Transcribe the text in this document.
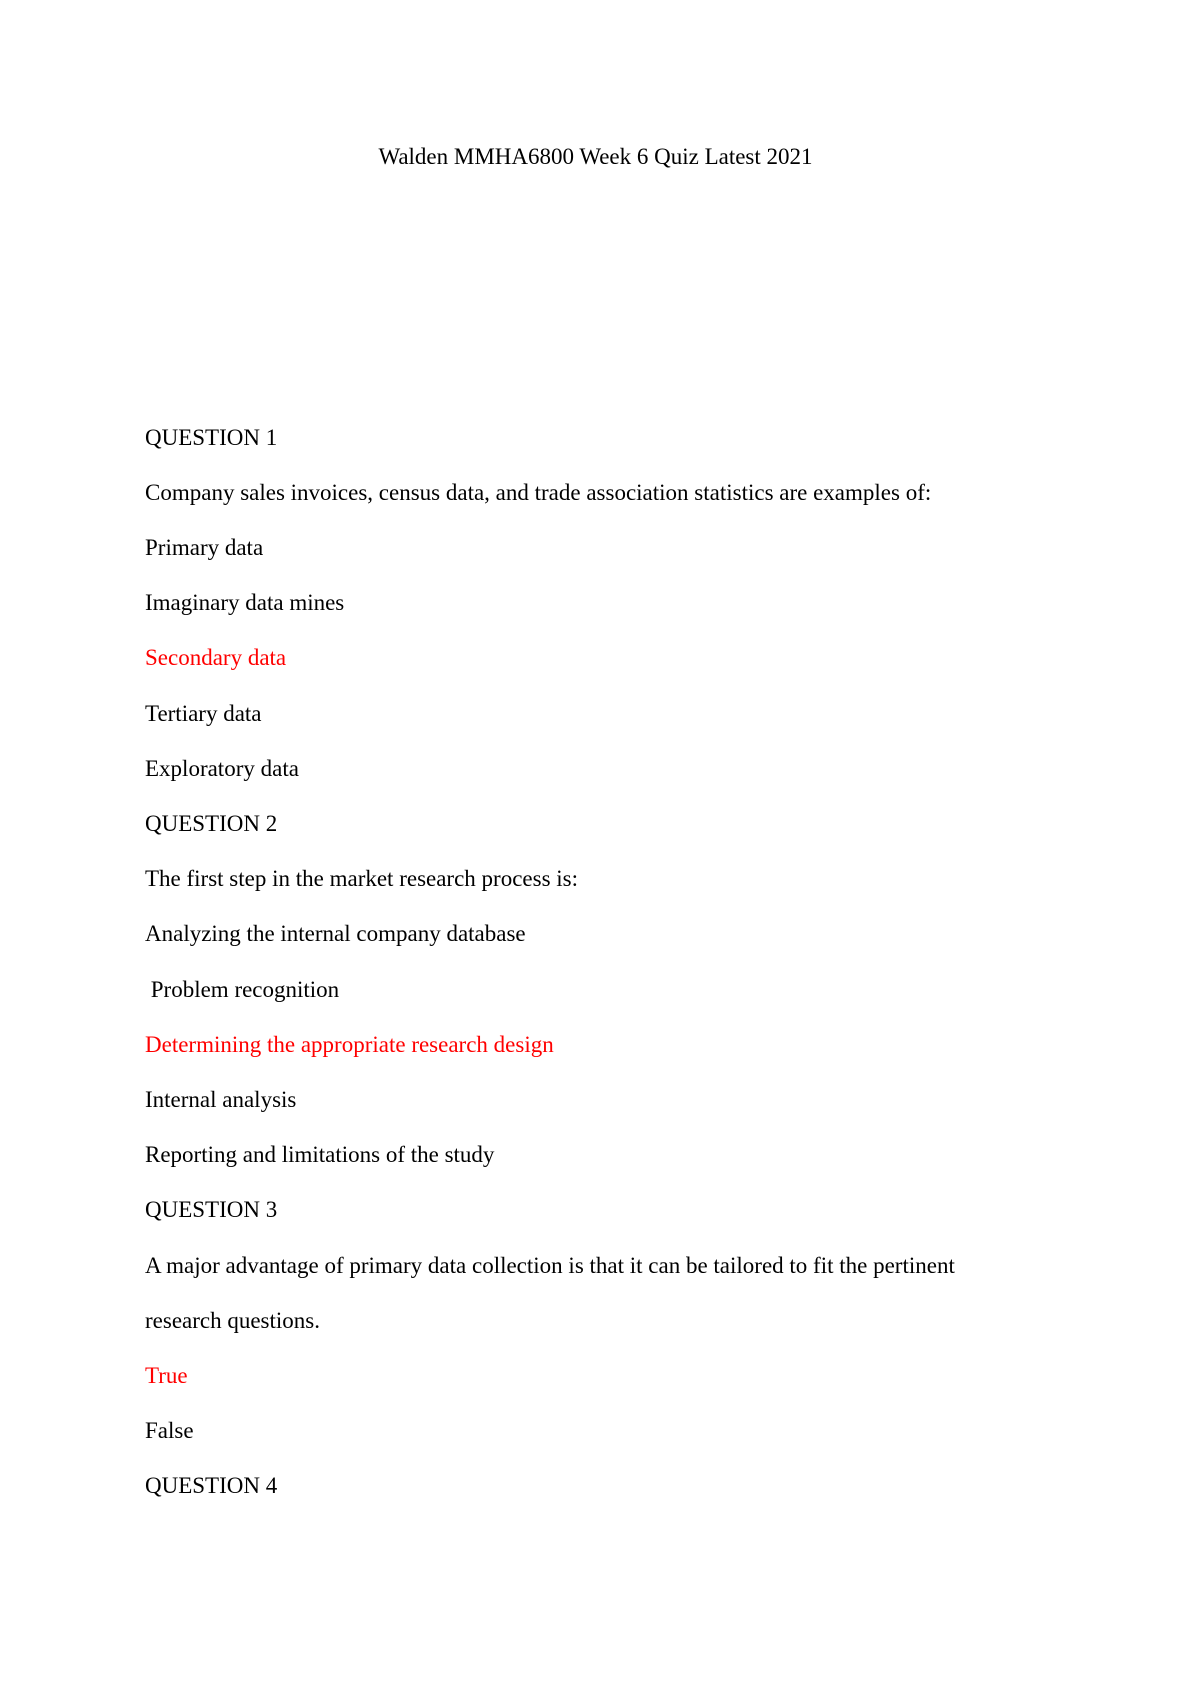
Walden MMHA6800 Week 6 Quiz Latest 2021
QUESTION 1
Company sales invoices, census data, and trade association statistics are examples of:
Primary data
Imaginary data mines
Secondary data
Tertiary data
Exploratory data
QUESTION 2
The first step in the market research process is:
Analyzing the internal company database
Problem recognition
Determining the appropriate research design
Internal analysis
Reporting and limitations of the study
QUESTION 3
A major advantage of primary data collection is that it can be tailored to fit the pertinent
research questions.
True
False
QUESTION 4
